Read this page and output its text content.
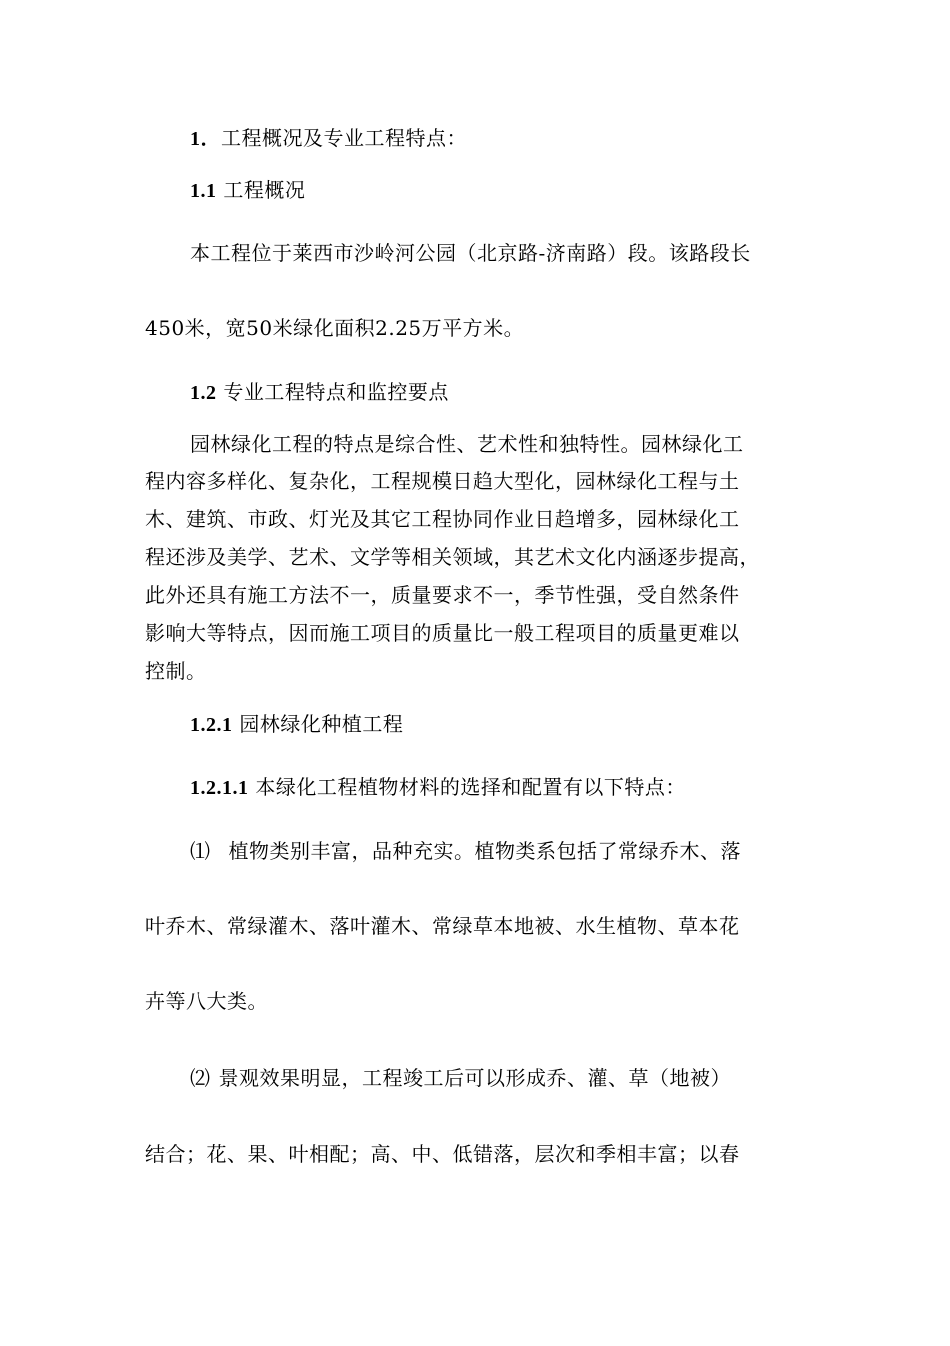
1．工程概况及专业工程特点：
1.1 工程概况
本工程位于莱西市沙岭河公园（北京路-济南路）段。该路段长
450米，宽50米绿化面积2.25万平方米。
1.2 专业工程特点和监控要点
园林绿化工程的特点是综合性、艺术性和独特性。园林绿化工
程内容多样化、复杂化，工程规模日趋大型化，园林绿化工程与土
木、建筑、市政、灯光及其它工程协同作业日趋增多，园林绿化工
程还涉及美学、艺术、文学等相关领域，其艺术文化内涵逐步提高，
此外还具有施工方法不一，质量要求不一，季节性强，受自然条件
影响大等特点，因而施工项目的质量比一般工程项目的质量更难以
控制。
1.2.1 园林绿化种植工程
1.2.1.1 本绿化工程植物材料的选择和配置有以下特点：
⑴ 植物类别丰富，品种充实。植物类系包括了常绿乔木、落
叶乔木、常绿灌木、落叶灌木、常绿草本地被、水生植物、草本花
卉等八大类。
⑵ 景观效果明显，工程竣工后可以形成乔、灌、草（地被）
结合；花、果、叶相配；高、中、低错落，层次和季相丰富；以春
